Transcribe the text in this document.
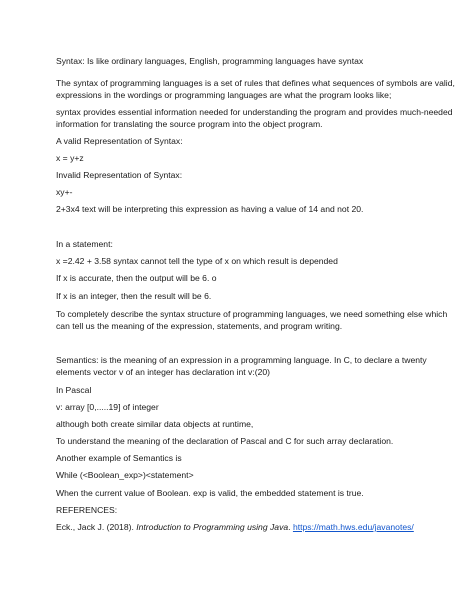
Syntax: Is like ordinary languages, English, programming languages have syntax

The syntax of programming languages is a set of rules that defines what sequences of symbols are valid,

expressions in the wordings or programming languages are what the program looks like;

syntax provides essential information needed for understanding the program and provides much-needed

information for translating the source program into the object program.

A valid Representation of Syntax:

x = y+z

Invalid Representation of Syntax:

xy+-

2+3x4 text will be interpreting this expression as having a value of 14 and not 20.

In a statement:

x =2.42 + 3.58 syntax cannot tell the type of x on which result is depended

If x is accurate, then the output will be 6. o

If x is an integer, then the result will be 6.

To completely describe the syntax structure of programming languages, we need something else which

can tell us the meaning of the expression, statements, and program writing.

Semantics: is the meaning of an expression in a programming language. In C, to declare a twenty

elements vector v of an integer has declaration int v:(20)

In Pascal

v: array [0,.....19] of integer

although both create similar data objects at runtime,

To understand the meaning of the declaration of Pascal and C for such array declaration.

Another example of Semantics is

While (<Boolean_exp>)<statement>

When the current value of Boolean. exp is valid, the embedded statement is true.

REFERENCES:

Eck., Jack J. (2018). Introduction to Programming using Java. https://math.hws.edu/javanotes/
